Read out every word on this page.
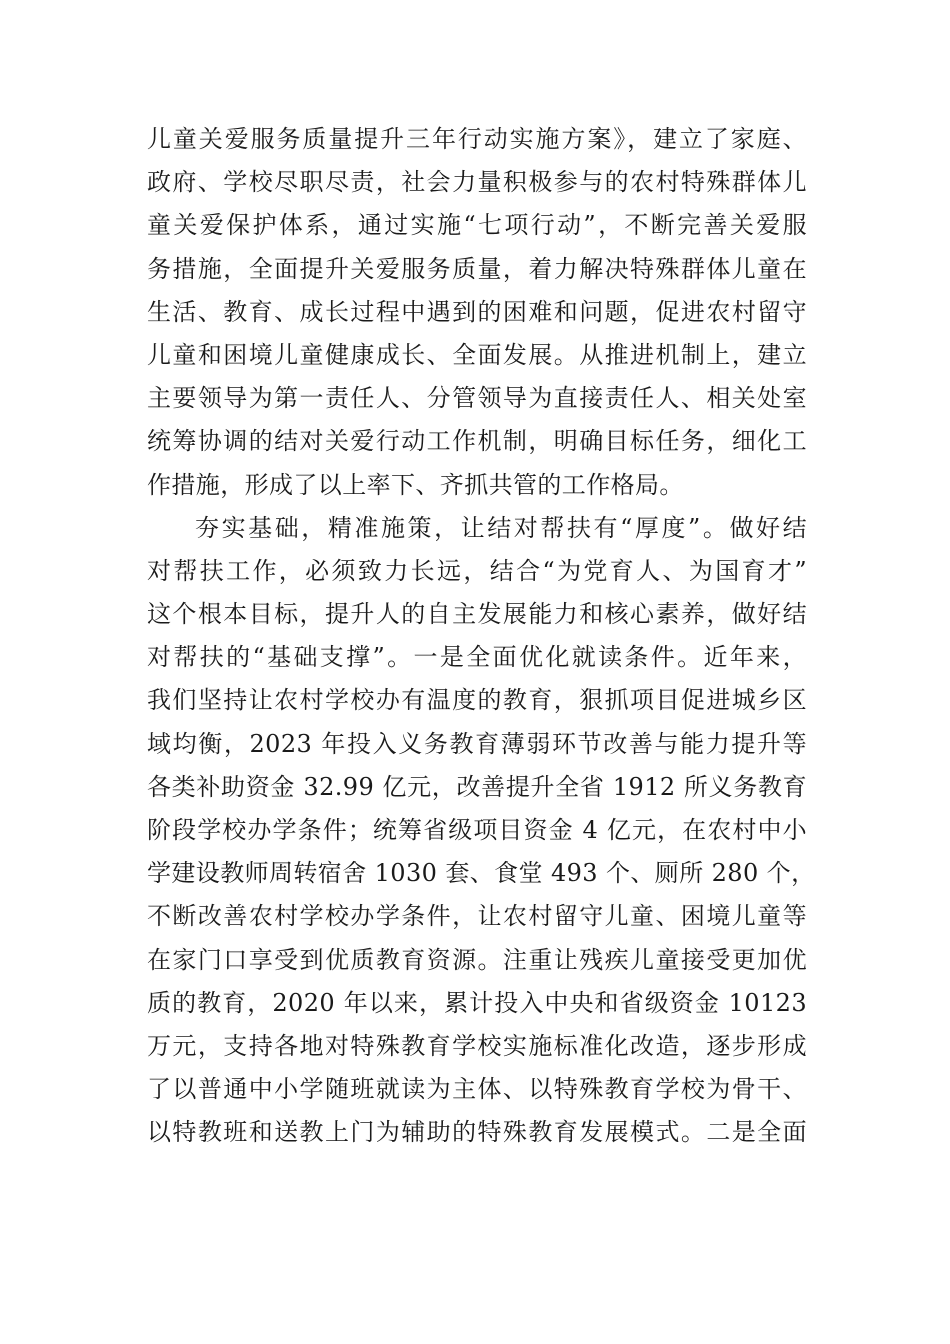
儿童关爱服务质量提升三年行动实施方案》，建立了家庭、
政府、学校尽职尽责，社会力量积极参与的农村特殊群体儿
童关爱保护体系，通过实施“七项行动”，不断完善关爱服
务措施，全面提升关爱服务质量，着力解决特殊群体儿童在
生活、教育、成长过程中遇到的困难和问题，促进农村留守
儿童和困境儿童健康成长、全面发展。从推进机制上，建立
主要领导为第一责任人、分管领导为直接责任人、相关处室
统筹协调的结对关爱行动工作机制，明确目标任务，细化工
作措施，形成了以上率下、齐抓共管的工作格局。
夯实基础，精准施策，让结对帮扶有“厚度”。做好结
对帮扶工作，必须致力长远，结合“为党育人、为国育才”
这个根本目标，提升人的自主发展能力和核心素养，做好结
对帮扶的“基础支撑”。一是全面优化就读条件。近年来，
我们坚持让农村学校办有温度的教育，狠抓项目促进城乡区
域均衡，2023 年投入义务教育薄弱环节改善与能力提升等
各类补助资金 32.99 亿元，改善提升全省 1912 所义务教育
阶段学校办学条件；统筹省级项目资金 4 亿元，在农村中小
学建设教师周转宿舍 1030 套、食堂 493 个、厕所 280 个，
不断改善农村学校办学条件，让农村留守儿童、困境儿童等
在家门口享受到优质教育资源。注重让残疾儿童接受更加优
质的教育，2020 年以来，累计投入中央和省级资金 10123
万元，支持各地对特殊教育学校实施标准化改造，逐步形成
了以普通中小学随班就读为主体、以特殊教育学校为骨干、
以特教班和送教上门为辅助的特殊教育发展模式。二是全面
